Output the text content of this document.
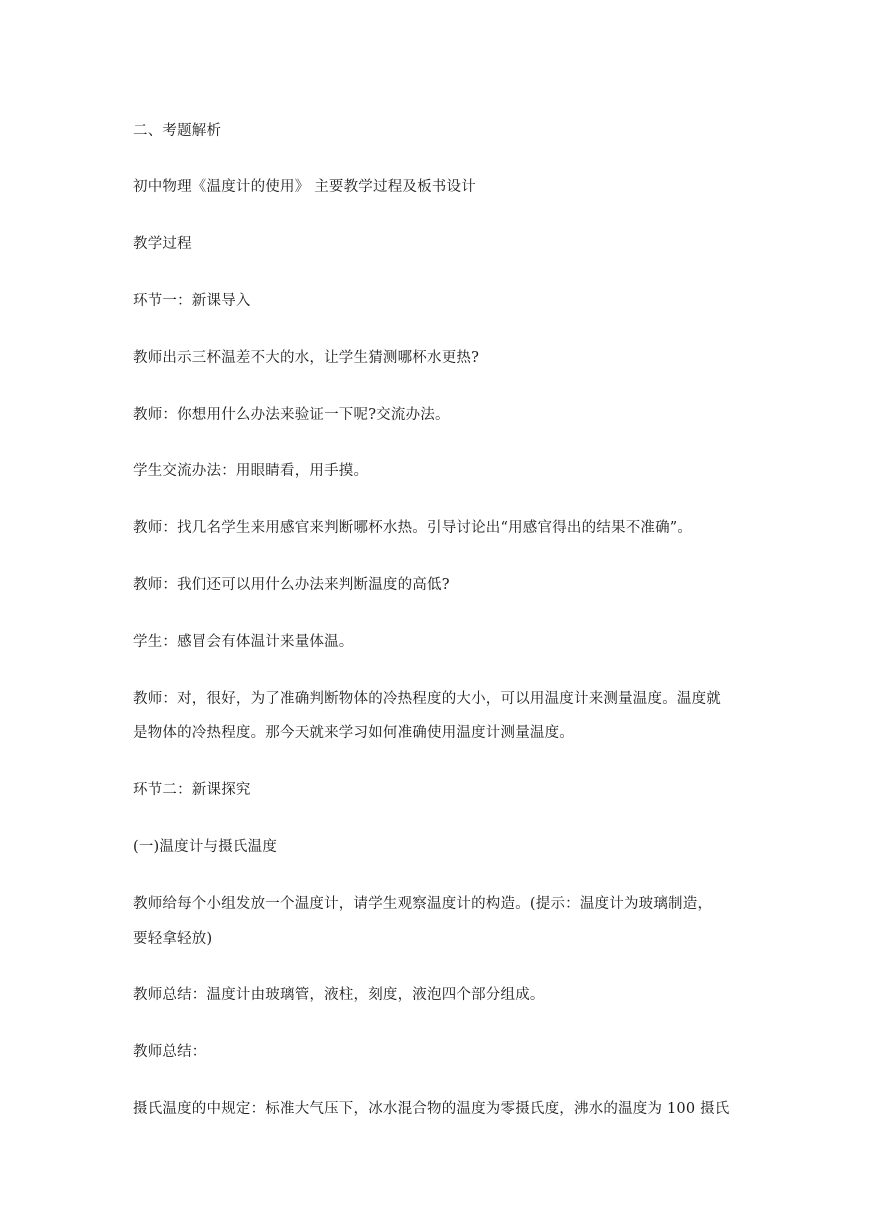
二、考题解析
初中物理《温度计的使用》 主要教学过程及板书设计
教学过程
环节一：新课导入
教师出示三杯温差不大的水，让学生猜测哪杯水更热?
教师：你想用什么办法来验证一下呢?交流办法。
学生交流办法：用眼睛看，用手摸。
教师：找几名学生来用感官来判断哪杯水热。引导讨论出“用感官得出的结果不准确”。
教师：我们还可以用什么办法来判断温度的高低?
学生：感冒会有体温计来量体温。
教师：对，很好，为了准确判断物体的冷热程度的大小，可以用温度计来测量温度。温度就
是物体的冷热程度。那今天就来学习如何准确使用温度计测量温度。
环节二：新课探究
(一)温度计与摄氏温度
教师给每个小组发放一个温度计，请学生观察温度计的构造。(提示：温度计为玻璃制造，
要轻拿轻放)
教师总结：温度计由玻璃管，液柱，刻度，液泡四个部分组成。
教师总结：
摄氏温度的中规定：标准大气压下，冰水混合物的温度为零摄氏度，沸水的温度为 100 摄氏
